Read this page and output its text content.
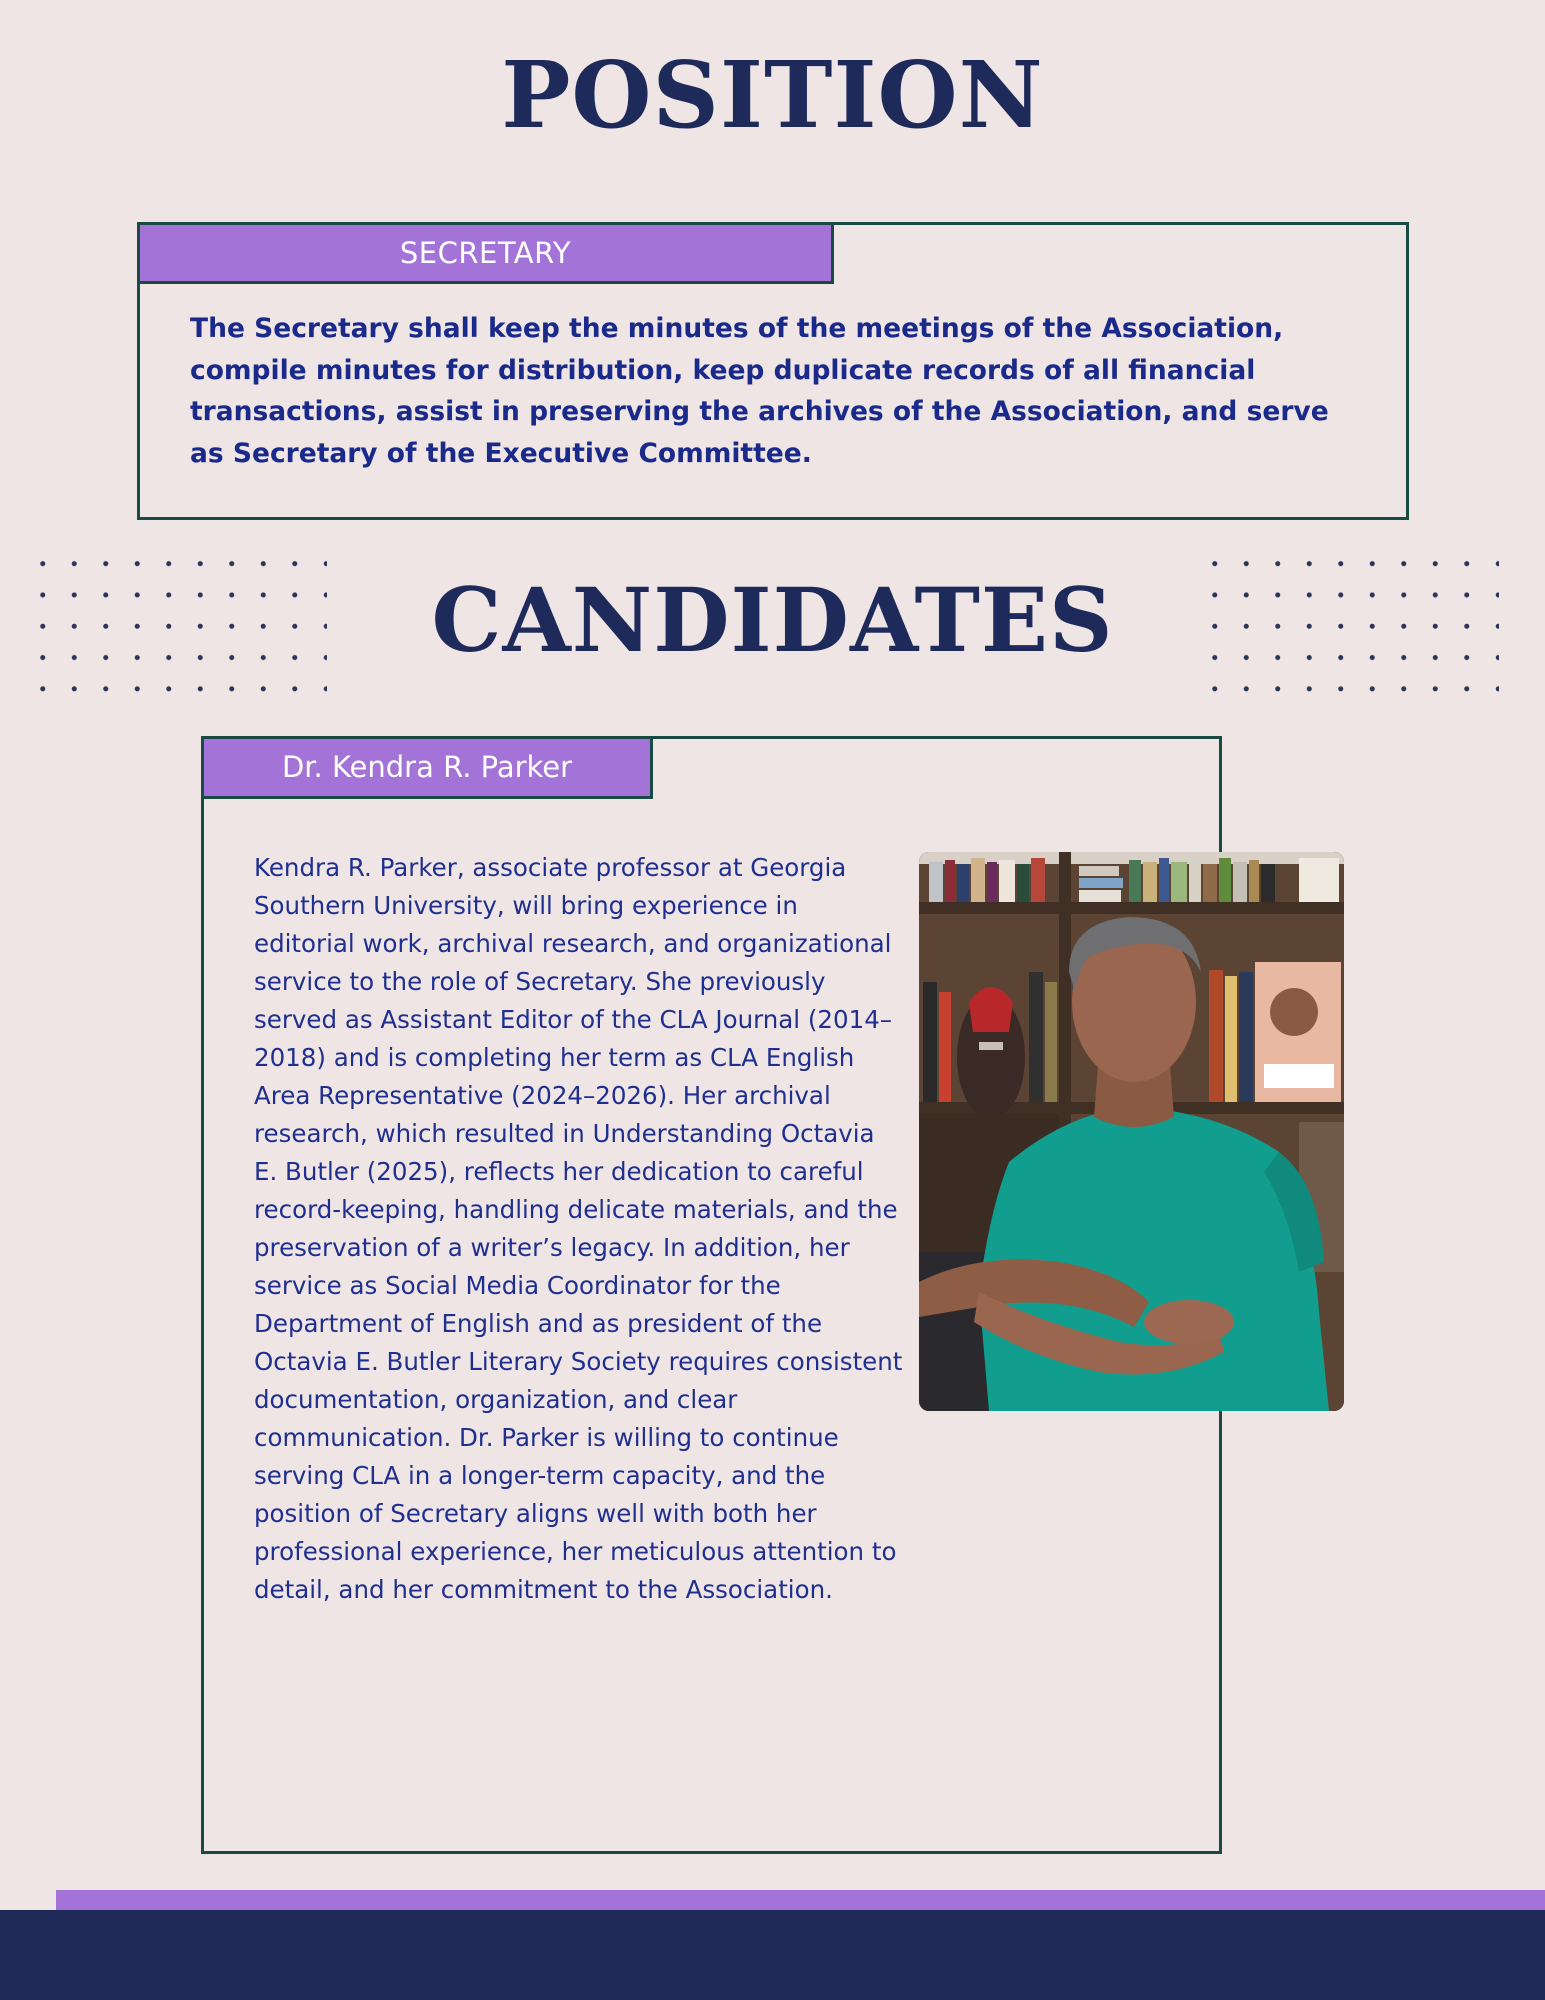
POSITION
SECRETARY

The Secretary shall keep the minutes of the meetings of the Association, compile minutes for distribution, keep duplicate records of all financial transactions, assist in preserving the archives of the Association, and serve as Secretary of the Executive Committee.

CANDIDATES
Dr. Kendra R. Parker

Kendra R. Parker, associate professor at Georgia Southern University, will bring experience in editorial work, archival research, and organizational service to the role of Secretary. She previously served as Assistant Editor of the CLA Journal (2014–2018) and is completing her term as CLA English Area Representative (2024–2026). Her archival research, which resulted in Understanding Octavia E. Butler (2025), reflects her dedication to careful record-keeping, handling delicate materials, and the preservation of a writer’s legacy. In addition, her service as Social Media Coordinator for the Department of English and as president of the Octavia E. Butler Literary Society requires consistent documentation, organization, and clear communication. Dr. Parker is willing to continue serving CLA in a longer-term capacity, and the position of Secretary aligns well with both her professional experience, her meticulous attention to detail, and her commitment to the Association.
